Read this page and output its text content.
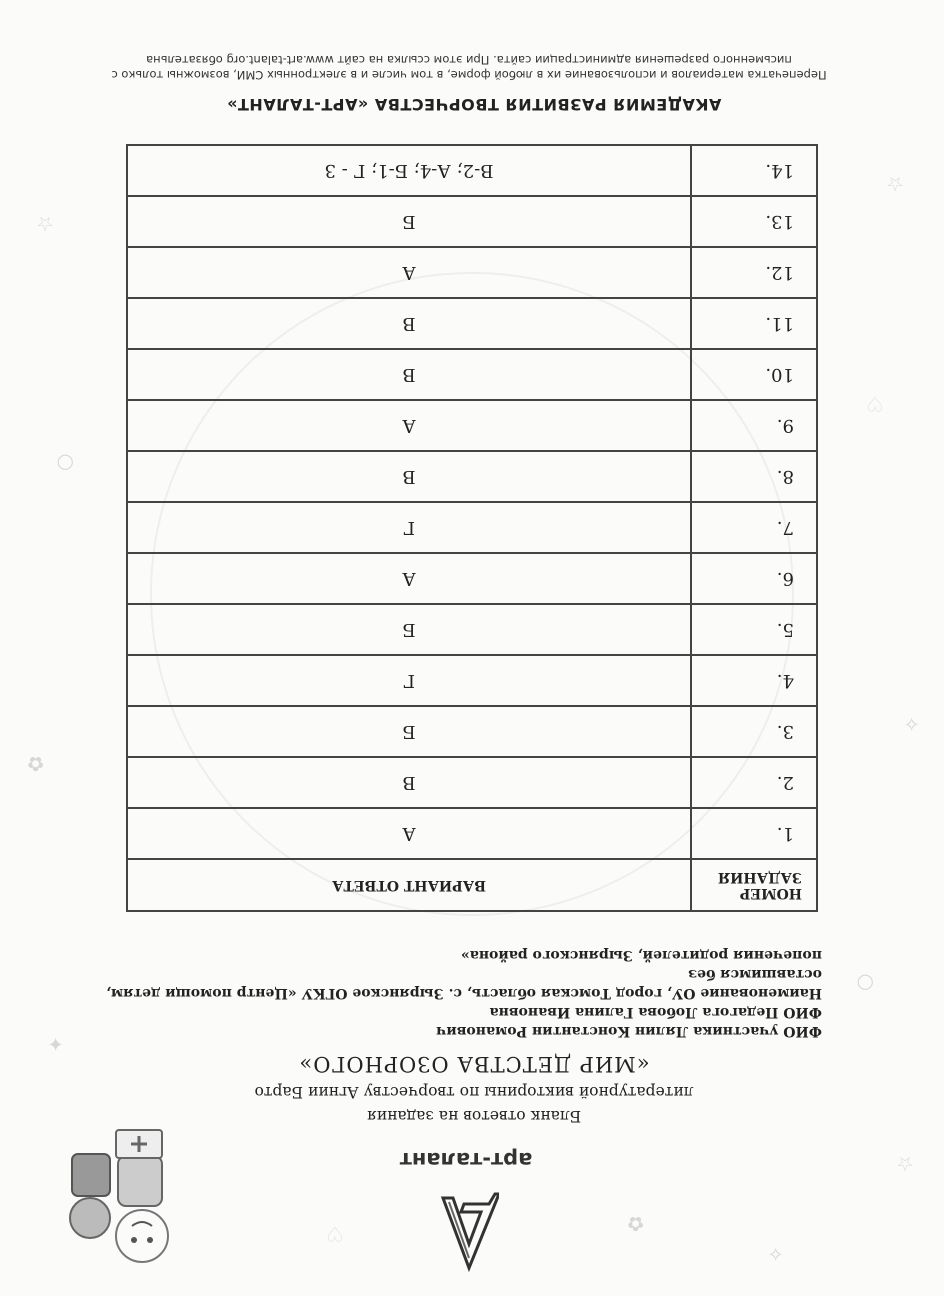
☆
○
✧
♡
☆
✦
✿
○
☆
✿
♡
✧
арт-талант
Бланк ответов на задания
литературной викторины по творчеству Агнии Барто
«МИР ДЕТСТВА ОЗОРНОГО»
ФИО участника Лялин Константин Романович
ФИО Педагога Лобова Галина Ивановна
Наименование ОУ, город Томская область, с. Зырянское ОГКУ «Центр помощи детям, оставшимся без
попечения родителей, Зырянского района»
НОМЕР ЗАДАНИЯ	ВАРИАНТ ОТВЕТА
1.	А
2.	В
3.	Б
4.	Г
5.	Б
6.	А
7.	Г
8.	В
9.	А
10.	В
11.	В
12.	А
13.	Б
14.	В-2; А-4; Б-1; Г - 3
АКАДЕМИЯ РАЗВИТИЯ ТВОРЧЕСТВА «АРТ-ТАЛАНТ»
Перепечатка материалов и использование их в любой форме, в том числе и в электронных СМИ, возможны только с
письменного разрешения администрации сайта. При этом ссылка на сайт www.art-talant.org обязательна
